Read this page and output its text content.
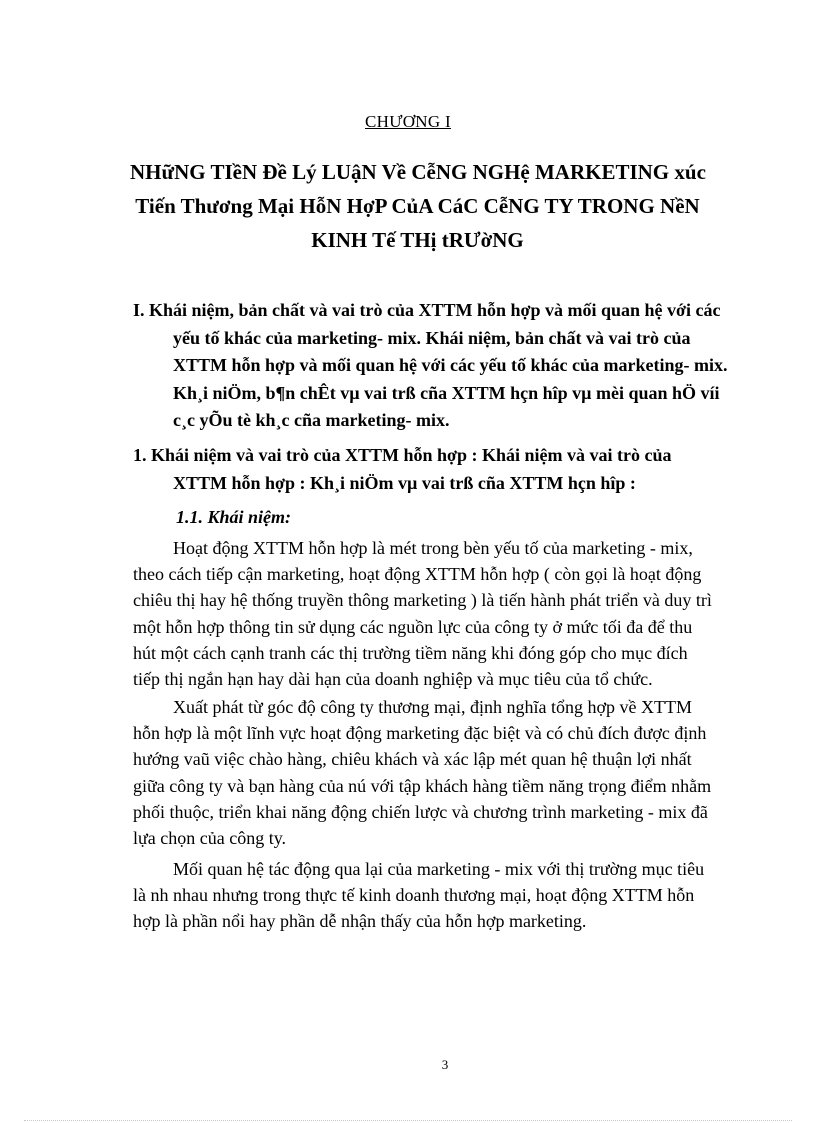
CHƯƠNG I
NHữNG TIềN Đề Lý LUậN Về CễNG NGHệ MARKETING xúc
Tiến Thương Mại HỗN HợP CủA CáC CễNG TY TRONG NềN
KINH Tế THị tRƯờNG
I. Khái niệm, bản chất và vai trò của XTTM hỗn hợp và mối quan hệ với các
yếu tố khác của marketing- mix. Khái niệm, bản chất và vai trò của
XTTM hỗn hợp và mối quan hệ với các yếu tố khác của marketing- mix.
Kh¸i niÖm, b¶n chÊt vµ vai trß cña XTTM hçn hîp vµ mèi quan hÖ víi
c¸c yÕu tè kh¸c cña marketing- mix.
1. Khái niệm và vai trò của XTTM hỗn hợp : Khái niệm và vai trò của
XTTM hỗn hợp : Kh¸i niÖm vµ vai trß cña XTTM hçn hîp :
1.1. Khái niệm:
Hoạt động XTTM hỗn hợp là mét trong bèn yếu tố của marketing - mix,
theo cách tiếp cận marketing, hoạt động XTTM hỗn hợp ( còn gọi là hoạt động
chiêu thị hay hệ thống truyền thông marketing ) là tiến hành phát triển và duy trì
một hỗn hợp thông tin sử dụng các nguồn lực của công ty ở mức tối đa để thu
hút một cách cạnh tranh các thị trường tiềm năng khi đóng góp cho mục đích
tiếp thị ngắn hạn hay dài hạn của doanh nghiệp và mục tiêu của tổ chức.
Xuất phát từ góc độ công ty thương mại, định nghĩa tổng hợp về XTTM
hỗn hợp là một lĩnh vực hoạt động marketing đặc biệt và có chủ đích được định
hướng vaũ việc chào hàng, chiêu khách và xác lập mét quan hệ thuận lợi nhất
giữa công ty và bạn hàng của nú với tập khách hàng tiềm năng trọng điểm nhằm
phối thuộc, triển khai năng động chiến lược và chương trình marketing - mix đã
lựa chọn của công ty.
Mối quan hệ tác động qua lại của marketing - mix với thị trường mục tiêu
là nh nhau nhưng trong thực tế kinh doanh thương mại, hoạt động XTTM hỗn
hợp là phần nổi hay phần dễ nhận thấy của hỗn hợp marketing.
3
